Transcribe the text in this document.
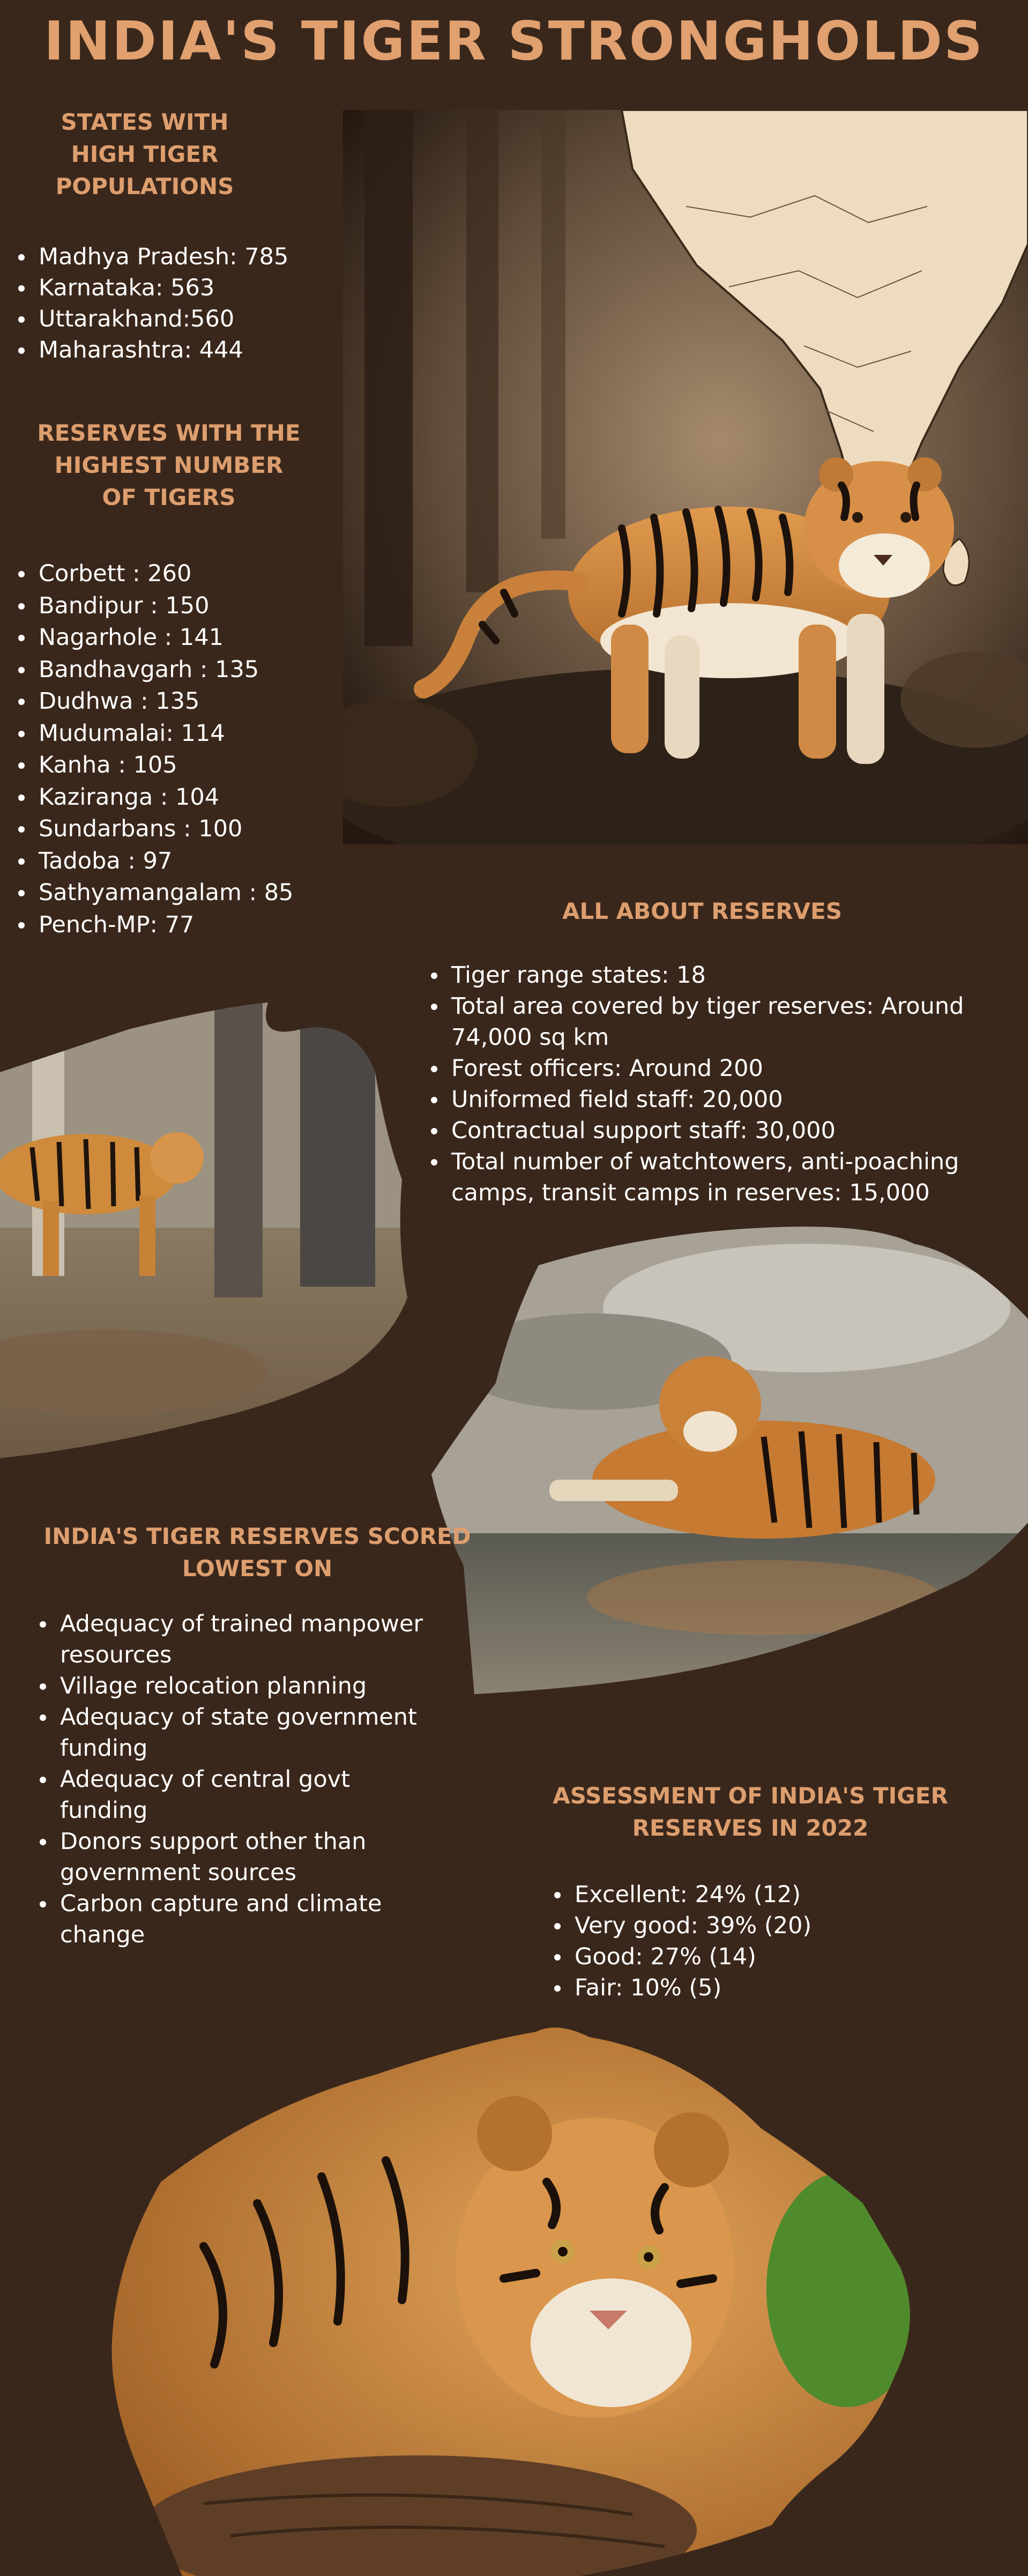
INDIA'S TIGER STRONGHOLDS
STATES WITH
HIGH TIGER
POPULATIONS
Madhya Pradesh: 785
Karnataka: 563
Uttarakhand:560
Maharashtra: 444
RESERVES WITH THE
HIGHEST NUMBER
OF TIGERS
Corbett : 260
Bandipur : 150
Nagarhole : 141
Bandhavgarh : 135
Dudhwa : 135
Mudumalai: 114
Kanha : 105
Kaziranga : 104
Sundarbans : 100
Tadoba : 97
Sathyamangalam : 85
Pench-MP: 77	ALL ABOUT RESERVES
Tiger range states: 18
Total area covered by tiger reserves: Around 74,000 sq km
Forest officers: Around 200
Uniformed field staff: 20,000
Contractual support staff: 30,000
Total number of watchtowers, anti-poaching camps, transit camps in reserves: 15,000
INDIA'S TIGER RESERVES SCORED
LOWEST ON
Adequacy of trained manpower resources
Village relocation planning
Adequacy of state government funding
Adequacy of central govt funding
Donors support other than government sources
Carbon capture and climate change
ASSESSMENT OF INDIA'S TIGER
RESERVES IN 2022
Excellent: 24% (12)
Very good: 39% (20)
Good: 27% (14)
Fair: 10% (5)
